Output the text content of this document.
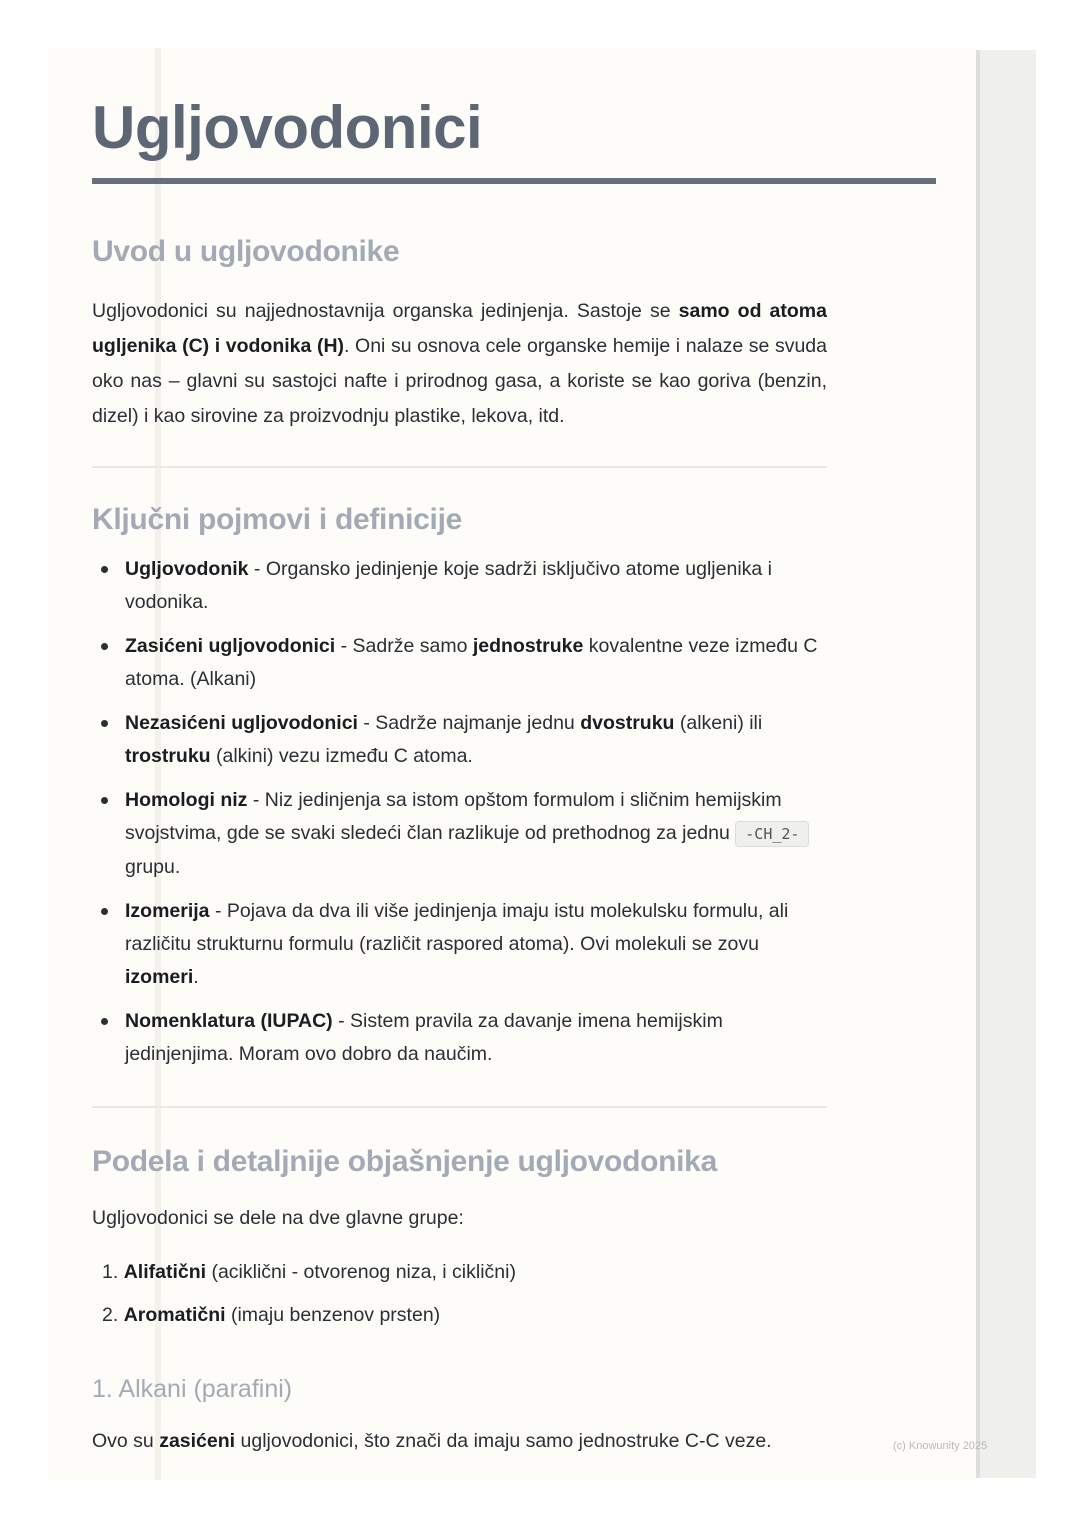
Ugljovodonici
Uvod u ugljovodonike

Ugljovodonici su najjednostavnija organska jedinjenja. Sastoje se samo od atoma ugljenika (C) i vodonika (H). Oni su osnova cele organske hemije i nalaze se svuda oko nas – glavni su sastojci nafte i prirodnog gasa, a koriste se kao goriva (benzin, dizel) i kao sirovine za proizvodnju plastike, lekova, itd.

Ključni pojmovi i definicije
Ugljovodonik - Organsko jedinjenje koje sadrži isključivo atome ugljenika i vodonika.
Zasićeni ugljovodonici - Sadrže samo jednostruke kovalentne veze između C atoma. (Alkani)
Nezasićeni ugljovodonici - Sadrže najmanje jednu dvostruku (alkeni) ili trostruku (alkini) vezu između C atoma.
Homologi niz - Niz jedinjenja sa istom opštom formulom i sličnim hemijskim svojstvima, gde se svaki sledeći član razlikuje od prethodnog za jednu -CH_2- grupu.
Izomerija - Pojava da dva ili više jedinjenja imaju istu molekulsku formulu, ali različitu strukturnu formulu (različit raspored atoma). Ovi molekuli se zovu izomeri.
Nomenklatura (IUPAC) - Sistem pravila za davanje imena hemijskim jedinjenjima. Moram ovo dobro da naučim.
Podela i detaljnije objašnjenje ugljovodonika

Ugljovodonici se dele na dve glavne grupe:

1. Alifatični (aciklični - otvorenog niza, i ciklični)
2. Aromatični (imaju benzenov prsten)
1. Alkani (parafini)

Ovo su zasićeni ugljovodonici, što znači da imaju samo jednostruke C-C veze.	(c) Knowunity 2025
